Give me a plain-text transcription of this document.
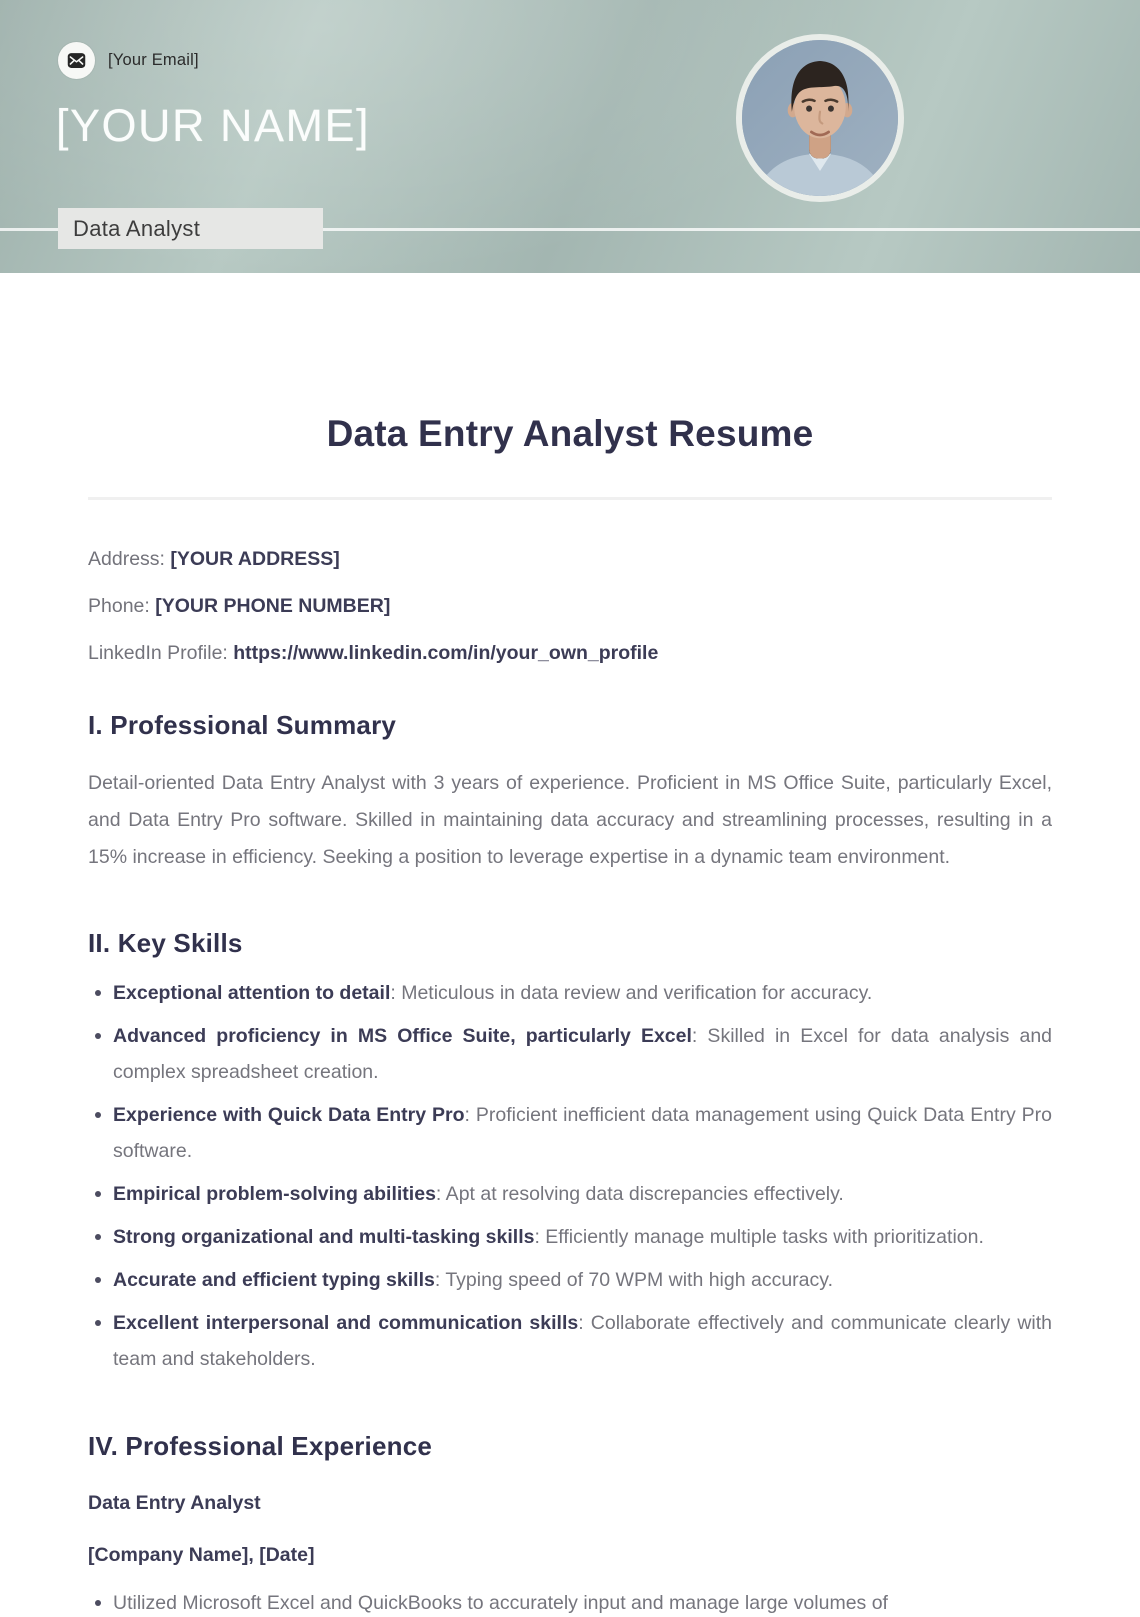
[Your Email]
[YOUR NAME]
Data Analyst
Data Entry Analyst Resume

Address: [YOUR ADDRESS]

Phone: [YOUR PHONE NUMBER]

LinkedIn Profile: https://www.linkedin.com/in/your_own_profile

I. Professional Summary

Detail-oriented Data Entry Analyst with 3 years of experience. Proficient in MS Office Suite, particularly Excel, and Data Entry Pro software. Skilled in maintaining data accuracy and streamlining processes, resulting in a 15% increase in efficiency. Seeking a position to leverage expertise in a dynamic team environment.

II. Key Skills
Exceptional attention to detail: Meticulous in data review and verification for accuracy.
Advanced proficiency in MS Office Suite, particularly Excel: Skilled in Excel for data analysis and complex spreadsheet creation.
Experience with Quick Data Entry Pro: Proficient inefficient data management using Quick Data Entry Pro software.
Empirical problem-solving abilities: Apt at resolving data discrepancies effectively.
Strong organizational and multi-tasking skills: Efficiently manage multiple tasks with prioritization.
Accurate and efficient typing skills: Typing speed of 70 WPM with high accuracy.
Excellent interpersonal and communication skills: Collaborate effectively and communicate clearly with team and stakeholders.
IV. Professional Experience

Data Entry Analyst

[Company Name], [Date]

Utilized Microsoft Excel and QuickBooks to accurately input and manage large volumes of
